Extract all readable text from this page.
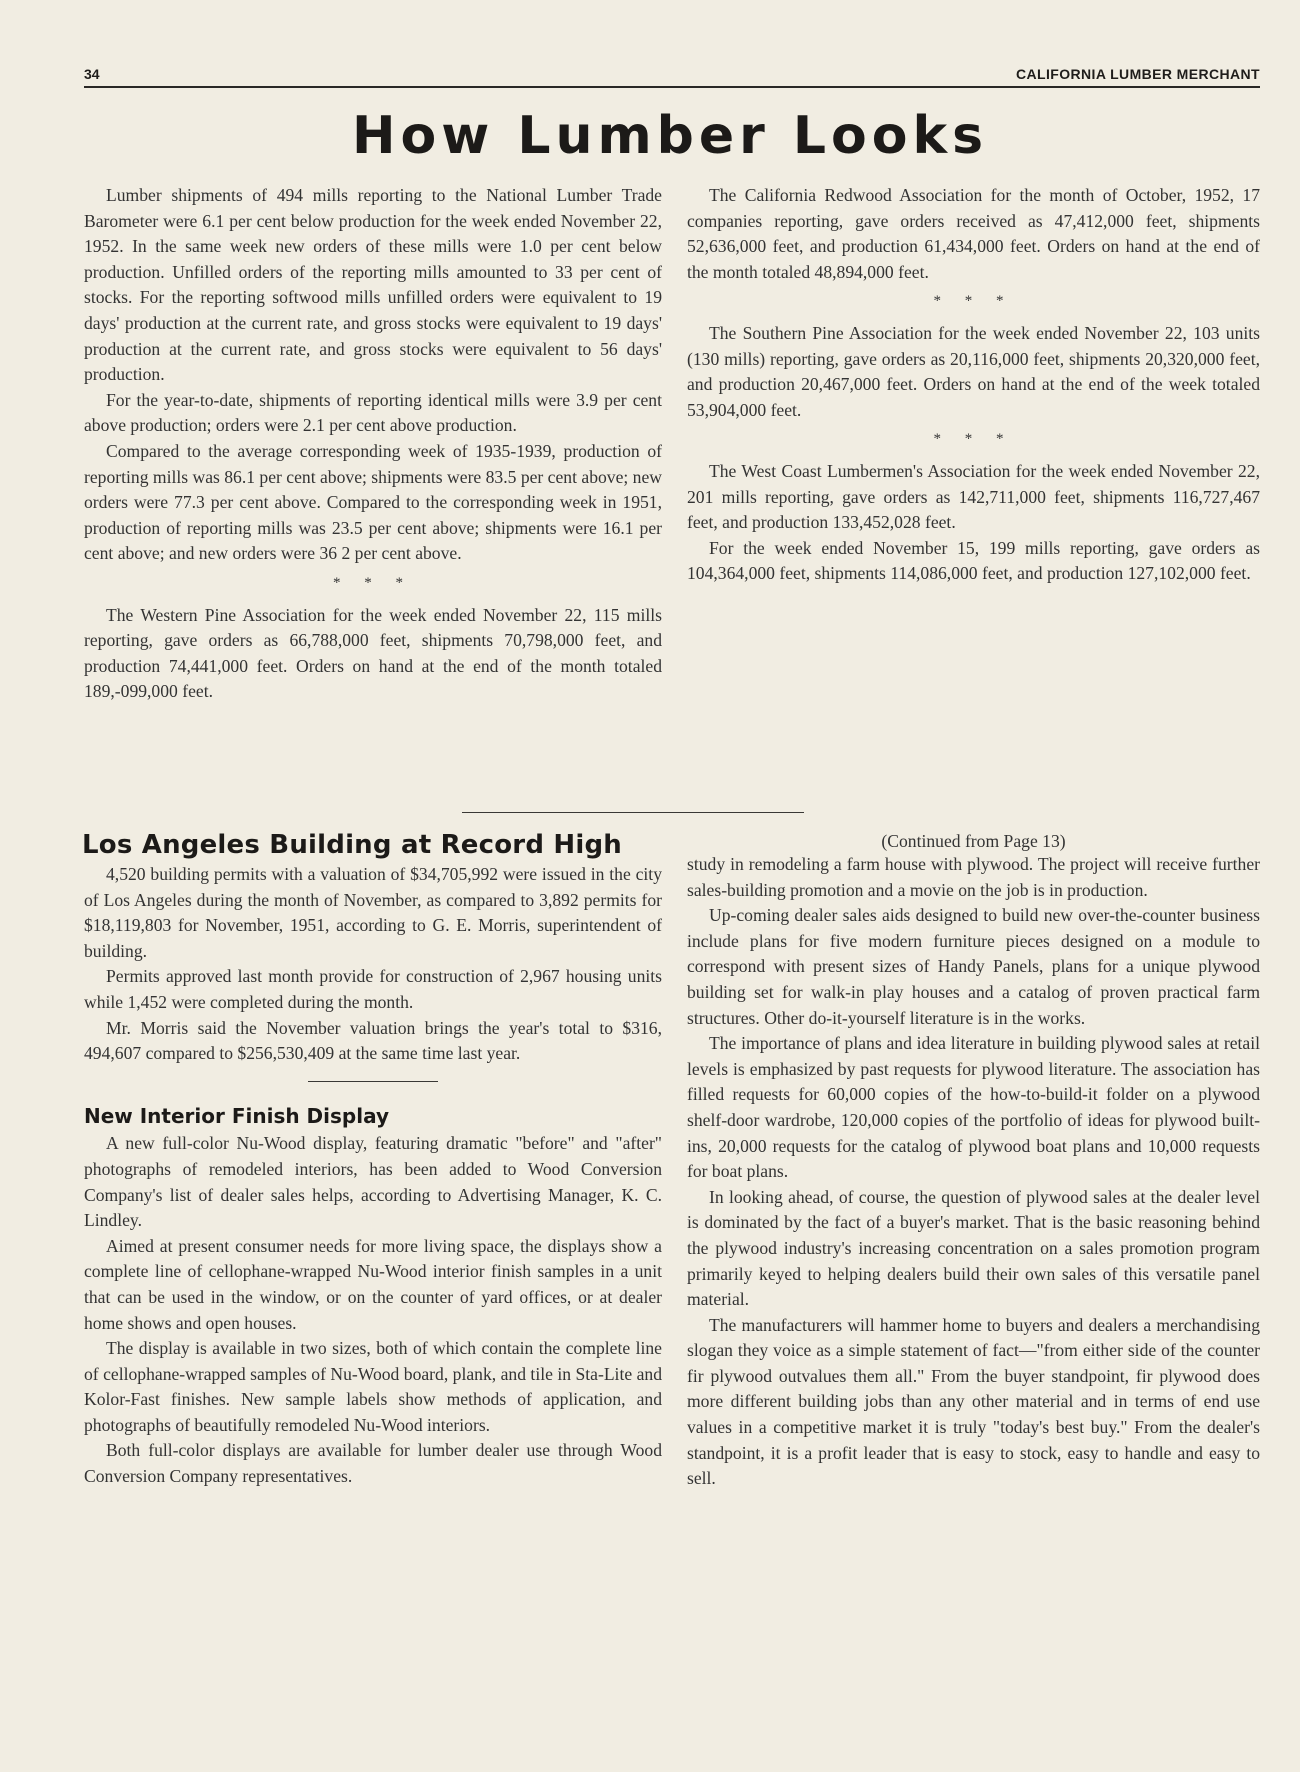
34	CALIFORNIA LUMBER MERCHANT
How Lumber Looks

Lumber shipments of 494 mills reporting to the National Lumber Trade Barometer were 6.1 per cent below production for the week ended November 22, 1952. In the same week new orders of these mills were 1.0 per cent below production. Unfilled orders of the reporting mills amounted to 33 per cent of stocks. For the reporting softwood mills unfilled orders were equivalent to 19 days' production at the current rate, and gross stocks were equivalent to 19 days' production at the current rate, and gross stocks were equivalent to 56 days' production.

For the year-to-date, shipments of reporting identical mills were 3.9 per cent above production; orders were 2.1 per cent above production.

Compared to the average corresponding week of 1935-1939, production of reporting mills was 86.1 per cent above; shipments were 83.5 per cent above; new orders were 77.3 per cent above. Compared to the corresponding week in 1951, production of reporting mills was 23.5 per cent above; shipments were 16.1 per cent above; and new orders were 36 2 per cent above.

* * *

The Western Pine Association for the week ended November 22, 115 mills reporting, gave orders as 66,788,000 feet, shipments 70,798,000 feet, and production 74,441,000 feet. Orders on hand at the end of the month totaled 189,-099,000 feet.

The California Redwood Association for the month of October, 1952, 17 companies reporting, gave orders received as 47,412,000 feet, shipments 52,636,000 feet, and production 61,434,000 feet. Orders on hand at the end of the month totaled 48,894,000 feet.

* * *

The Southern Pine Association for the week ended November 22, 103 units (130 mills) reporting, gave orders as 20,116,000 feet, shipments 20,320,000 feet, and production 20,467,000 feet. Orders on hand at the end of the week totaled 53,904,000 feet.

* * *

The West Coast Lumbermen's Association for the week ended November 22, 201 mills reporting, gave orders as 142,711,000 feet, shipments 116,727,467 feet, and production 133,452,028 feet.

For the week ended November 15, 199 mills reporting, gave orders as 104,364,000 feet, shipments 114,086,000 feet, and production 127,102,000 feet.

Los Angeles Building at Record High

4,520 building permits with a valuation of $34,705,992 were issued in the city of Los Angeles during the month of November, as compared to 3,892 permits for $18,119,803 for November, 1951, according to G. E. Morris, superintendent of building.

Permits approved last month provide for construction of 2,967 housing units while 1,452 were completed during the month.

Mr. Morris said the November valuation brings the year's total to $316, 494,607 compared to $256,530,409 at the same time last year.

New Interior Finish Display

A new full-color Nu-Wood display, featuring dramatic "before" and "after" photographs of remodeled interiors, has been added to Wood Conversion Company's list of dealer sales helps, according to Advertising Manager, K. C. Lindley.

Aimed at present consumer needs for more living space, the displays show a complete line of cellophane-wrapped Nu-Wood interior finish samples in a unit that can be used in the window, or on the counter of yard offices, or at dealer home shows and open houses.

The display is available in two sizes, both of which contain the complete line of cellophane-wrapped samples of Nu-Wood board, plank, and tile in Sta-Lite and Kolor-Fast finishes. New sample labels show methods of application, and photographs of beautifully remodeled Nu-Wood interiors.

Both full-color displays are available for lumber dealer use through Wood Conversion Company representatives.

(Continued from Page 13)

study in remodeling a farm house with plywood. The project will receive further sales-building promotion and a movie on the job is in production.

Up-coming dealer sales aids designed to build new over-the-counter business include plans for five modern furniture pieces designed on a module to correspond with present sizes of Handy Panels, plans for a unique plywood building set for walk-in play houses and a catalog of proven practical farm structures. Other do-it-yourself literature is in the works.

The importance of plans and idea literature in building plywood sales at retail levels is emphasized by past requests for plywood literature. The association has filled requests for 60,000 copies of the how-to-build-it folder on a plywood shelf-door wardrobe, 120,000 copies of the portfolio of ideas for plywood built-ins, 20,000 requests for the catalog of plywood boat plans and 10,000 requests for boat plans.

In looking ahead, of course, the question of plywood sales at the dealer level is dominated by the fact of a buyer's market. That is the basic reasoning behind the plywood industry's increasing concentration on a sales promotion program primarily keyed to helping dealers build their own sales of this versatile panel material.

The manufacturers will hammer home to buyers and dealers a merchandising slogan they voice as a simple statement of fact—"from either side of the counter fir plywood outvalues them all." From the buyer standpoint, fir plywood does more different building jobs than any other material and in terms of end use values in a competitive market it is truly "today's best buy." From the dealer's standpoint, it is a profit leader that is easy to stock, easy to handle and easy to sell.
